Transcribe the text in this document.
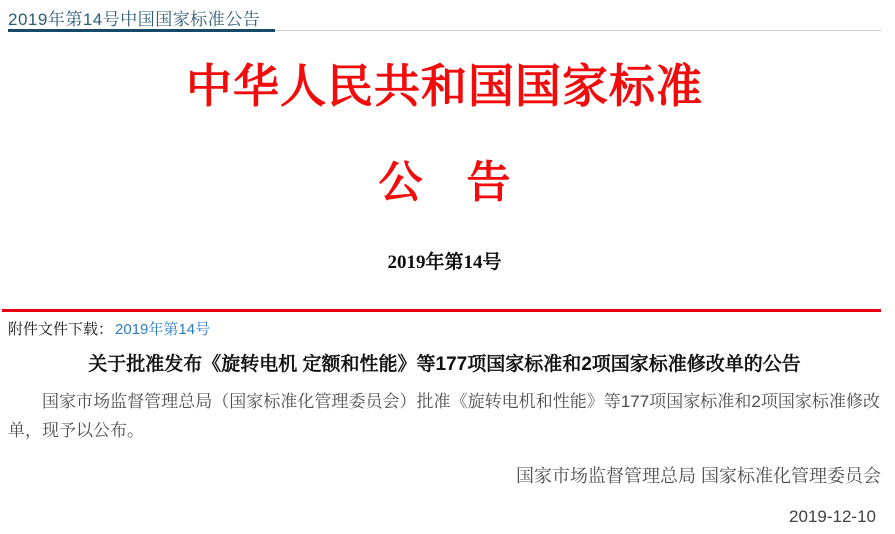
2019年第14号中国国家标准公告
中华人民共和国国家标准
公　告
2019年第14号
附件文件下载： 2019年第14号
关于批准发布《旋转电机 定额和性能》等177项国家标准和2项国家标准修改单的公告
国家市场监督管理总局（国家标准化管理委员会）批准《旋转电机和性能》等177项国家标准和2项国家标准修改单，现予以公布。
国家市场监督管理总局 国家标准化管理委员会
2019-12-10
